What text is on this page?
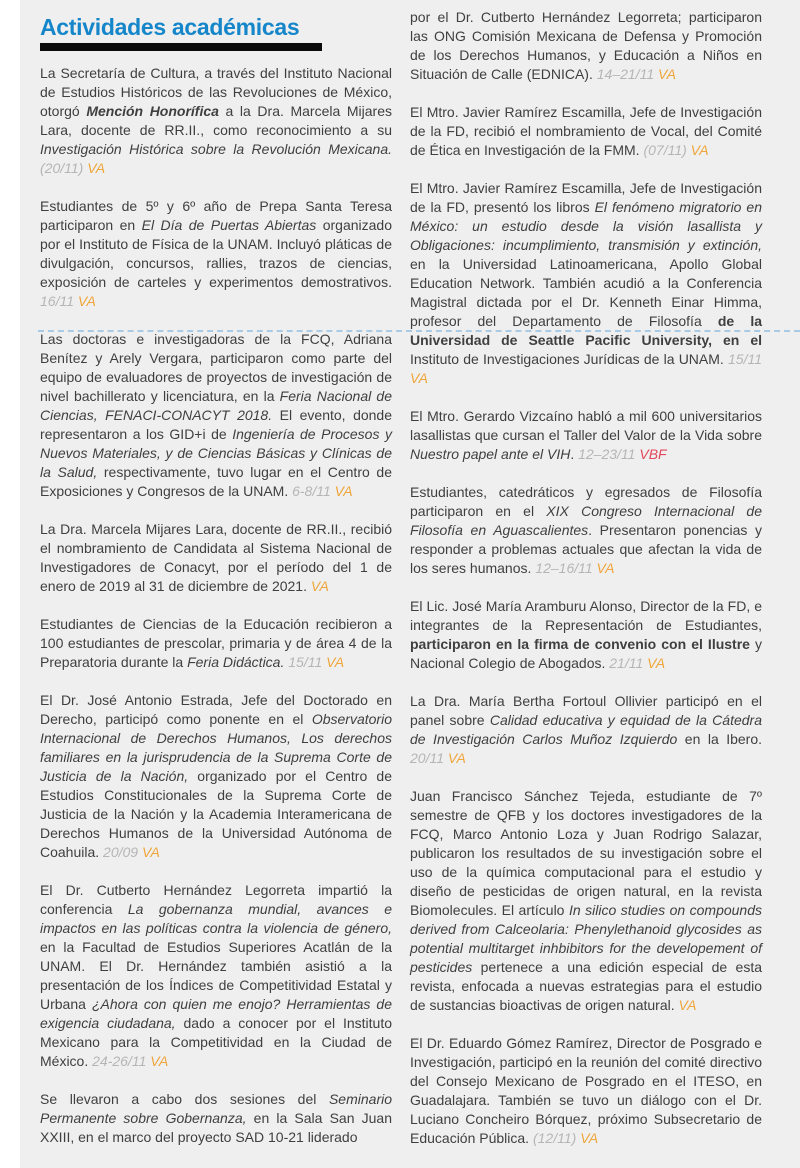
Actividades académicas

La Secretaría de Cultura, a través del Instituto Nacional de Estudios Históricos de las Revoluciones de México, otorgó Mención Honorífica a la Dra. Marcela Mijares Lara, docente de RR.II., como reconocimiento a su Investigación Histórica sobre la Revolución Mexicana. (20/11) VA

Estudiantes de 5º y 6º año de Prepa Santa Teresa participaron en El Día de Puertas Abiertas organizado por el Instituto de Física de la UNAM. Incluyó pláticas de divulgación, concursos, rallies, trazos de ciencias, exposición de carteles y experimentos demostrativos. 16/11 VA

Las doctoras e investigadoras de la FCQ, Adriana Benítez y Arely Vergara, participaron como parte del equipo de evaluadores de proyectos de investigación de nivel bachillerato y licenciatura, en la Feria Nacional de Ciencias, FENACI-CONACYT 2018. El evento, donde representaron a los GID+i de Ingeniería de Procesos y Nuevos Materiales, y de Ciencias Básicas y Clínicas de la Salud, respectivamente, tuvo lugar en el Centro de Exposiciones y Congresos de la UNAM. 6-8/11 VA

La Dra. Marcela Mijares Lara, docente de RR.II., recibió el nombramiento de Candidata al Sistema Nacional de Investigadores de Conacyt, por el período del 1 de enero de 2019 al 31 de diciembre de 2021. VA

Estudiantes de Ciencias de la Educación recibieron a 100 estudiantes de prescolar, primaria y de área 4 de la Preparatoria durante la Feria Didáctica. 15/11 VA

El Dr. José Antonio Estrada, Jefe del Doctorado en Derecho, participó como ponente en el Observatorio Internacional de Derechos Humanos, Los derechos familiares en la jurisprudencia de la Suprema Corte de Justicia de la Nación, organizado por el Centro de Estudios Constitucionales de la Suprema Corte de Justicia de la Nación y la Academia Interamericana de Derechos Humanos de la Universidad Autónoma de Coahuila. 20/09 VA

El Dr. Cutberto Hernández Legorreta impartió la conferencia La gobernanza mundial, avances e impactos en las políticas contra la violencia de género, en la Facultad de Estudios Superiores Acatlán de la UNAM. El Dr. Hernández también asistió a la presentación de los Índices de Competitividad Estatal y Urbana ¿Ahora con quien me enojo? Herramientas de exigencia ciudadana, dado a conocer por el Instituto Mexicano para la Competitividad en la Ciudad de México. 24-26/11 VA

Se llevaron a cabo dos sesiones del Seminario Permanente sobre Gobernanza, en la Sala San Juan XXIII, en el marco del proyecto SAD 10-21 liderado

por el Dr. Cutberto Hernández Legorreta; participaron las ONG Comisión Mexicana de Defensa y Promoción de los Derechos Humanos, y Educación a Niños en Situación de Calle (EDNICA). 14–21/11 VA

El Mtro. Javier Ramírez Escamilla, Jefe de Investigación de la FD, recibió el nombramiento de Vocal, del Comité de Ética en Investigación de la FMM. (07/11) VA

El Mtro. Javier Ramírez Escamilla, Jefe de Investigación de la FD, presentó los libros El fenómeno migratorio en México: un estudio desde la visión lasallista y Obligaciones: incumplimiento, transmisión y extinción, en la Universidad Latinoamericana, Apollo Global Education Network. También acudió a la Conferencia Magistral dictada por el Dr. Kenneth Einar Himma, profesor del Departamento de Filosofía de la Universidad de Seattle Pacific University, en el Instituto de Investigaciones Jurídicas de la UNAM. 15/11 VA

El Mtro. Gerardo Vizcaíno habló a mil 600 universitarios lasallistas que cursan el Taller del Valor de la Vida sobre Nuestro papel ante el VIH. 12–23/11 VBF

Estudiantes, catedráticos y egresados de Filosofía participaron en el XIX Congreso Internacional de Filosofía en Aguascalientes. Presentaron ponencias y responder a problemas actuales que afectan la vida de los seres humanos. 12–16/11 VA

El Lic. José María Aramburu Alonso, Director de la FD, e integrantes de la Representación de Estudiantes, participaron en la firma de convenio con el Ilustre y Nacional Colegio de Abogados. 21/11 VA

La Dra. María Bertha Fortoul Ollivier participó en el panel sobre Calidad educativa y equidad de la Cátedra de Investigación Carlos Muñoz Izquierdo en la Ibero. 20/11 VA

Juan Francisco Sánchez Tejeda, estudiante de 7º semestre de QFB y los doctores investigadores de la FCQ, Marco Antonio Loza y Juan Rodrigo Salazar, publicaron los resultados de su investigación sobre el uso de la química computacional para el estudio y diseño de pesticidas de origen natural, en la revista Biomolecules. El artículo In silico studies on compounds derived from Calceolaria: Phenylethanoid glycosides as potential multitarget inhbibitors for the developement of pesticides pertenece a una edición especial de esta revista, enfocada a nuevas estrategias para el estudio de sustancias bioactivas de origen natural. VA

El Dr. Eduardo Gómez Ramírez, Director de Posgrado e Investigación, participó en la reunión del comité directivo del Consejo Mexicano de Posgrado en el ITESO, en Guadalajara. También se tuvo un diálogo con el Dr. Luciano Concheiro Bórquez, próximo Subsecretario de Educación Pública. (12/11) VA
